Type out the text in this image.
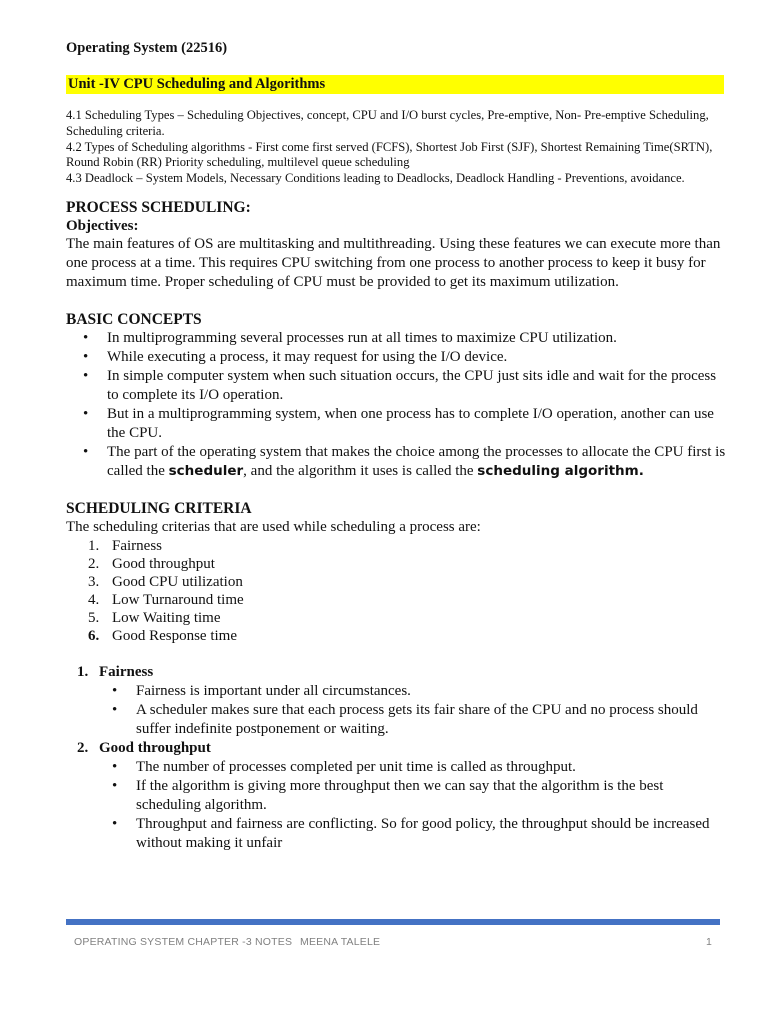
Operating System (22516)
Unit -IV CPU Scheduling and Algorithms
4.1 Scheduling Types – Scheduling Objectives, concept, CPU and I/O burst cycles, Pre-emptive, Non- Pre-emptive Scheduling, Scheduling criteria.
4.2 Types of Scheduling algorithms - First come first served (FCFS), Shortest Job First (SJF), Shortest Remaining Time(SRTN), Round Robin (RR) Priority scheduling, multilevel queue scheduling
4.3 Deadlock – System Models, Necessary Conditions leading to Deadlocks, Deadlock Handling - Preventions, avoidance.
PROCESS SCHEDULING:
Objectives:
The main features of OS are multitasking and multithreading. Using these features we can execute more than one process at a time. This requires CPU switching from one process to another process to keep it busy for maximum time. Proper scheduling of CPU must be provided to get its maximum utilization.
BASIC CONCEPTS
• In multiprogramming several processes run at all times to maximize CPU utilization.
• While executing a process, it may request for using the I/O device.
• In simple computer system when such situation occurs, the CPU just sits idle and wait for the process to complete its I/O operation.
• But in a multiprogramming system, when one process has to complete I/O operation, another can use the CPU.
• The part of the operating system that makes the choice among the processes to allocate the CPU first is called the scheduler, and the algorithm it uses is called the scheduling algorithm.
SCHEDULING CRITERIA
The scheduling criterias that are used while scheduling a process are:
1. Fairness
2. Good throughput
3. Good CPU utilization
4. Low Turnaround time
5. Low Waiting time
6. Good Response time
1. Fairness
• Fairness is important under all circumstances.
• A scheduler makes sure that each process gets its fair share of the CPU and no process should suffer indefinite postponement or waiting.
2. Good throughput
• The number of processes completed per unit time is called as throughput.
• If the algorithm is giving more throughput then we can say that the algorithm is the best scheduling algorithm.
• Throughput and fairness are conflicting. So for good policy, the throughput should be increased without making it unfair
OPERATING SYSTEM CHAPTER -3 NOTES MEENA TALELE	1
